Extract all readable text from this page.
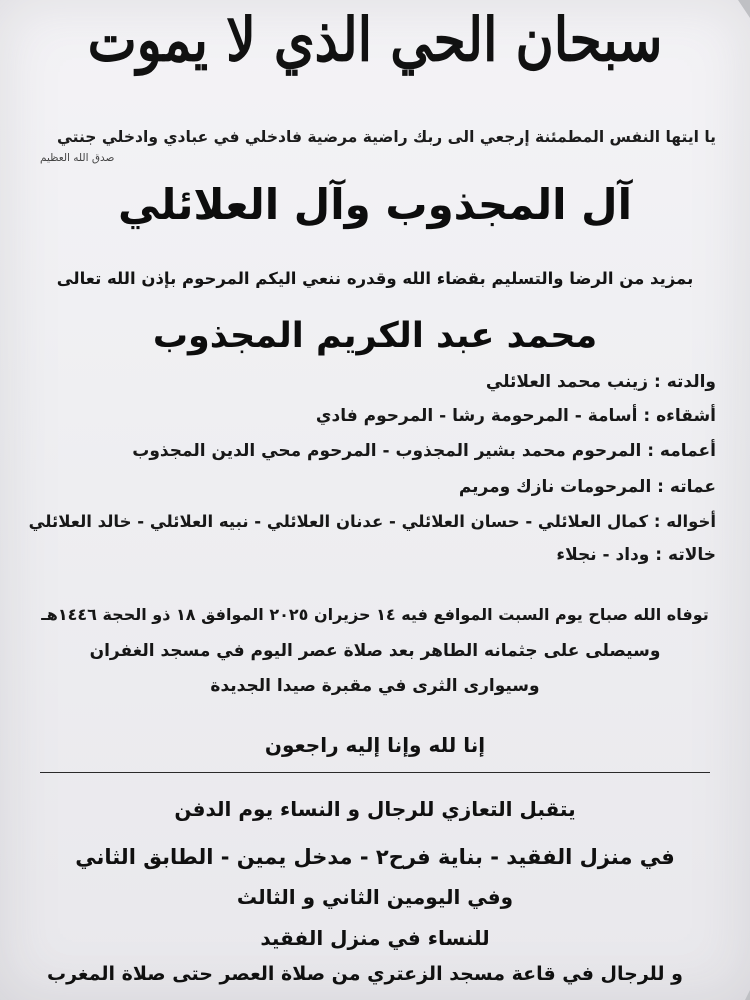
سبحان الحي الذي لا يموت

يا ايتها النفس المطمئنة إرجعي الى ربك راضية مرضية فادخلي في عبادي وادخلي جنتي

صدق الله العظيم

آل المجذوب وآل العلائلي

بمزيد من الرضا والتسليم بقضاء الله وقدره ننعي اليكم المرحوم بإذن الله تعالى

محمد عبد الكريم المجذوب

والدته : زينب محمد العلائلي

أشقاءه : أسامة - المرحومة رشا - المرحوم فادي

أعمامه : المرحوم محمد بشير المجذوب - المرحوم محي الدين المجذوب

عماته : المرحومات نازك ومريم

أخواله : كمال العلائلي - حسان العلائلي - عدنان العلائلي - نبيه العلائلي - خالد العلائلي

خالاته : وداد - نجلاء

توفاه الله صباح يوم السبت الموافع فيه ١٤ حزيران ٢٠٢٥ الموافق ١٨ ذو الحجة ١٤٤٦هـ

وسيصلى على جثمانه الطاهر بعد صلاة عصر اليوم في مسجد الغفران

وسيوارى الثرى في مقبرة صيدا الجديدة

إنا لله وإنا إليه راجعون

يتقبل التعازي للرجال و النساء يوم الدفن

في منزل الفقيد - بناية فرح٢ - مدخل يمين - الطابق الثاني

وفي اليومين الثاني و الثالث

للنساء في منزل الفقيد

و للرجال في قاعة مسجد الزعتري من صلاة العصر حتى صلاة المغرب
